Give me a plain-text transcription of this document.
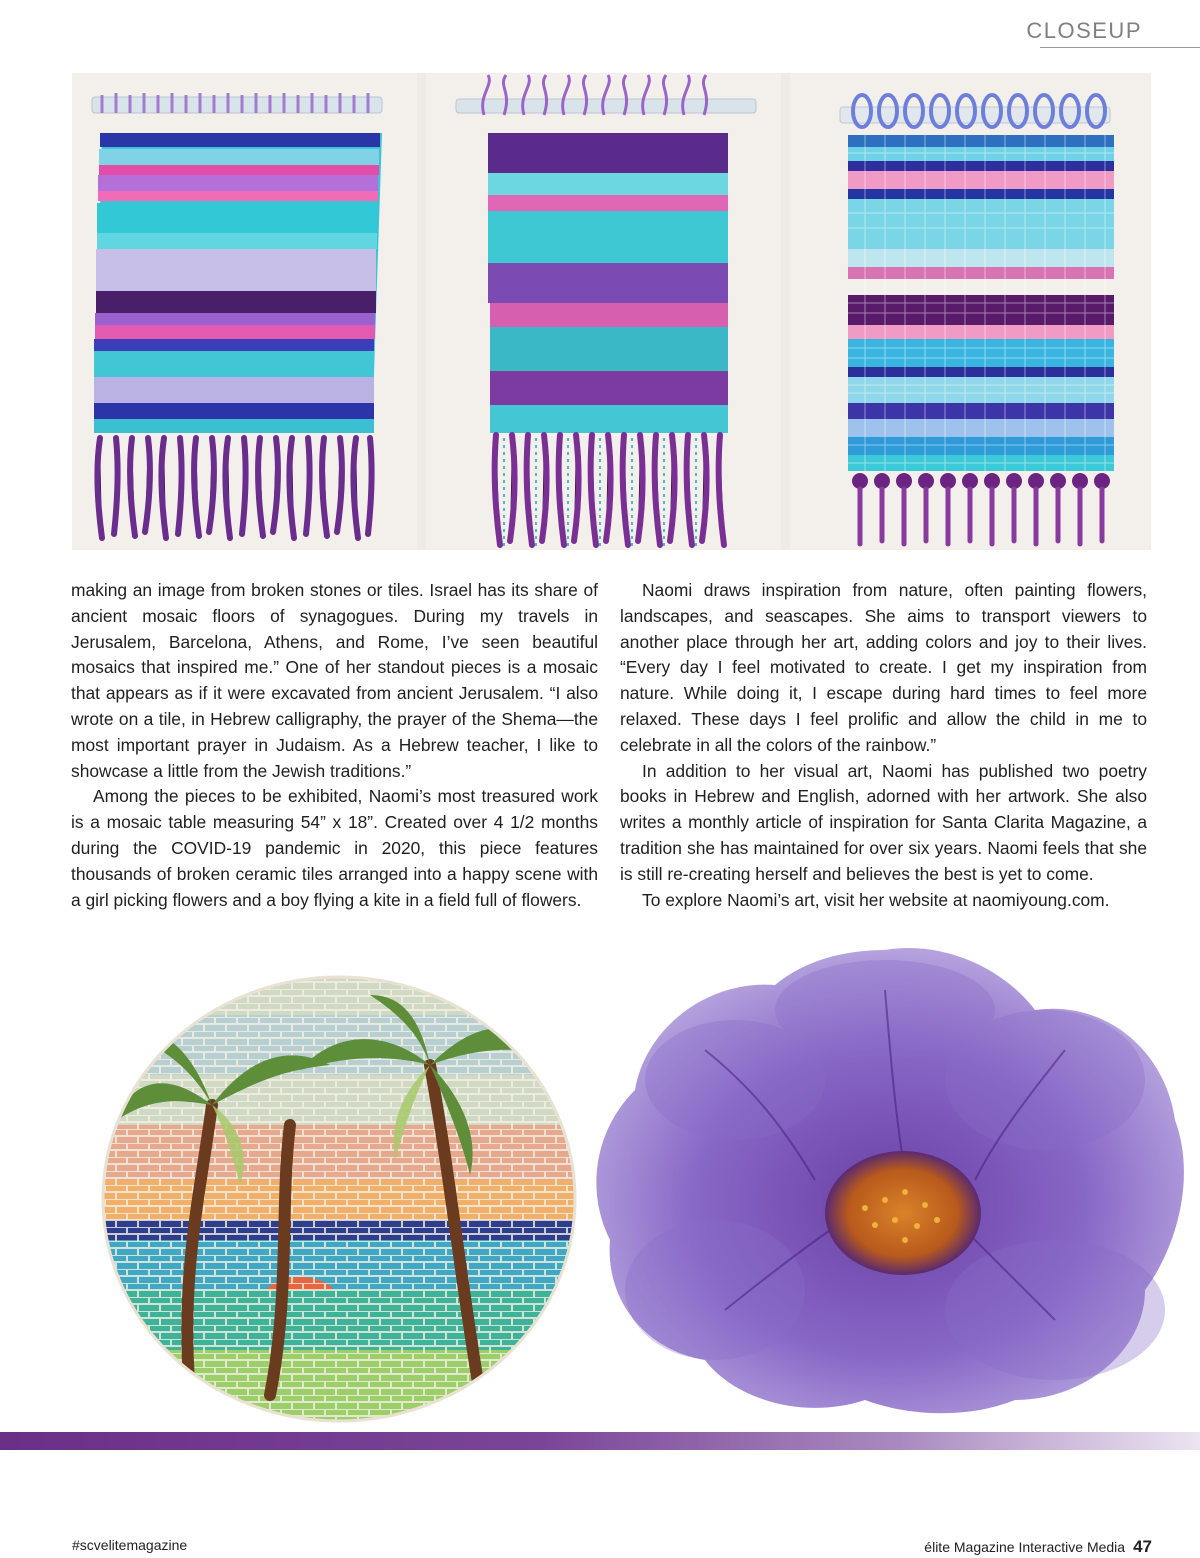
CLOSEUP

making an image from broken stones or tiles. Israel has its share of ancient mosaic floors of synagogues. During my travels in Jerusalem, Barcelona, Athens, and Rome, I’ve seen beautiful mosaics that inspired me.” One of her standout pieces is a mosaic that appears as if it were excavated from ancient Jerusalem. “I also wrote on a tile, in Hebrew calligraphy, the prayer of the Shema—the most important prayer in Judaism. As a Hebrew teacher, I like to showcase a little from the Jewish traditions.”

Among the pieces to be exhibited, Naomi’s most treasured work is a mosaic table measuring 54” x 18”. Created over 4 1/2 months during the COVID-19 pandemic in 2020, this piece features thousands of broken ceramic tiles arranged into a happy scene with a girl picking flowers and a boy flying a kite in a field full of flowers.

Naomi draws inspiration from nature, often painting flowers, landscapes, and seascapes. She aims to transport viewers to another place through her art, adding colors and joy to their lives. “Every day I feel motivated to create. I get my inspiration from nature. While doing it, I escape during hard times to feel more relaxed. These days I feel prolific and allow the child in me to celebrate in all the colors of the rainbow.”

In addition to her visual art, Naomi has published two poetry books in Hebrew and English, adorned with her artwork. She also writes a monthly article of inspiration for Santa Clarita Magazine, a tradition she has maintained for over six years. Naomi feels that she is still re-creating herself and believes the best is yet to come.

To explore Naomi’s art, visit her website at naomiyoung.com.

#scvelitemagazine	élite Magazine Interactive Media 47
